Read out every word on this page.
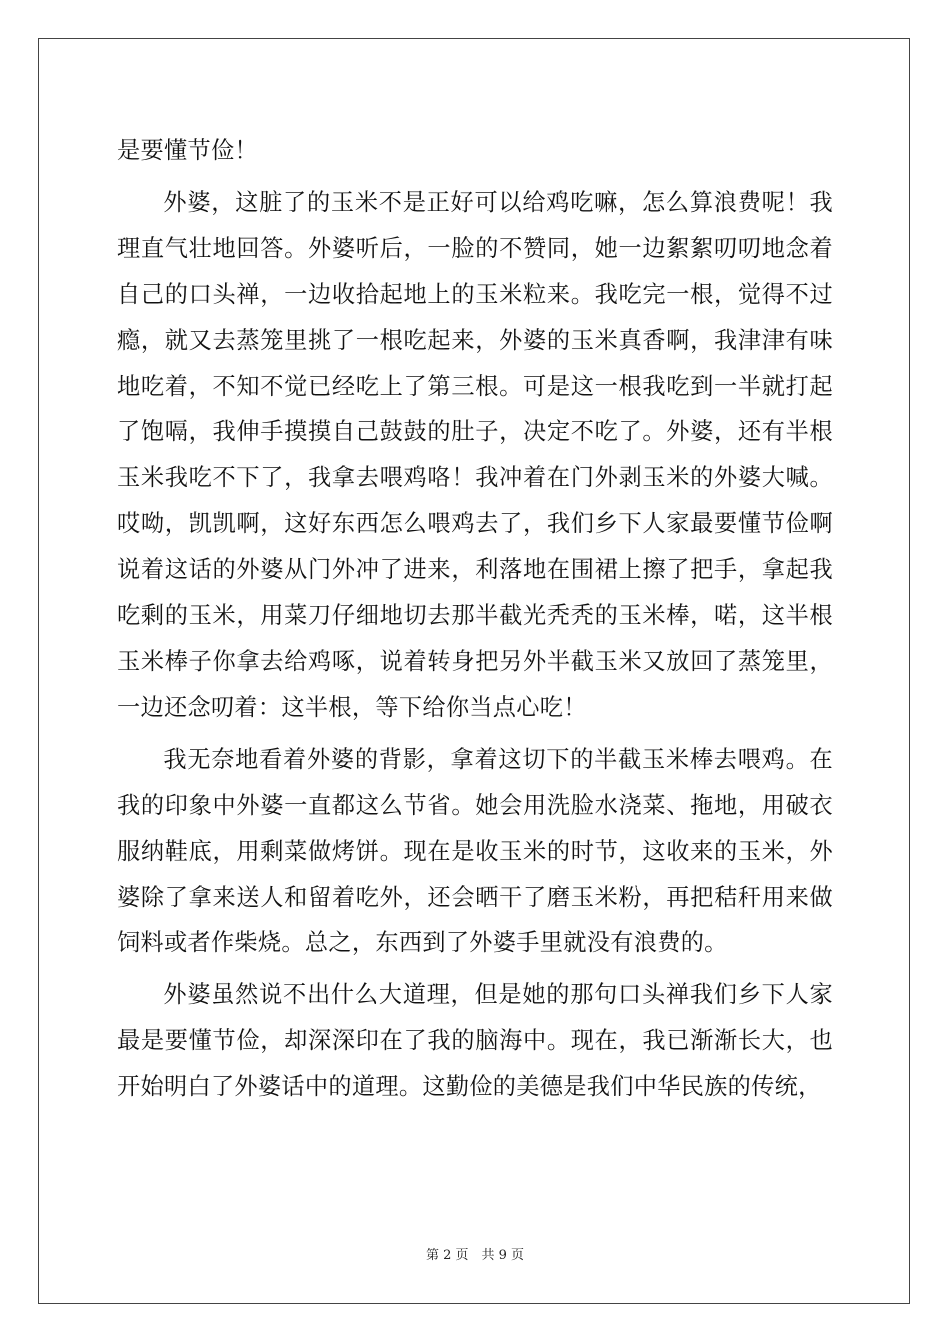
是要懂节俭！

外婆，这脏了的玉米不是正好可以给鸡吃嘛，怎么算浪费呢！我理直气壮地回答。外婆听后，一脸的不赞同，她一边絮絮叨叨地念着自己的口头禅，一边收拾起地上的玉米粒来。我吃完一根，觉得不过瘾，就又去蒸笼里挑了一根吃起来，外婆的玉米真香啊，我津津有味地吃着，不知不觉已经吃上了第三根。可是这一根我吃到一半就打起了饱嗝，我伸手摸摸自己鼓鼓的肚子，决定不吃了。外婆，还有半根玉米我吃不下了，我拿去喂鸡咯！我冲着在门外剥玉米的外婆大喊。哎呦，凯凯啊，这好东西怎么喂鸡去了，我们乡下人家最要懂节俭啊说着这话的外婆从门外冲了进来，利落地在围裙上擦了把手，拿起我吃剩的玉米，用菜刀仔细地切去那半截光秃秃的玉米棒，喏，这半根玉米棒子你拿去给鸡啄，说着转身把另外半截玉米又放回了蒸笼里，一边还念叨着：这半根，等下给你当点心吃！

我无奈地看着外婆的背影，拿着这切下的半截玉米棒去喂鸡。在我的印象中外婆一直都这么节省。她会用洗脸水浇菜、拖地，用破衣服纳鞋底，用剩菜做烤饼。现在是收玉米的时节，这收来的玉米，外婆除了拿来送人和留着吃外，还会晒干了磨玉米粉，再把秸秆用来做饲料或者作柴烧。总之，东西到了外婆手里就没有浪费的。

外婆虽然说不出什么大道理，但是她的那句口头禅我们乡下人家最是要懂节俭，却深深印在了我的脑海中。现在，我已渐渐长大，也开始明白了外婆话中的道理。这勤俭的美德是我们中华民族的传统，

第 2 页　共 9 页
